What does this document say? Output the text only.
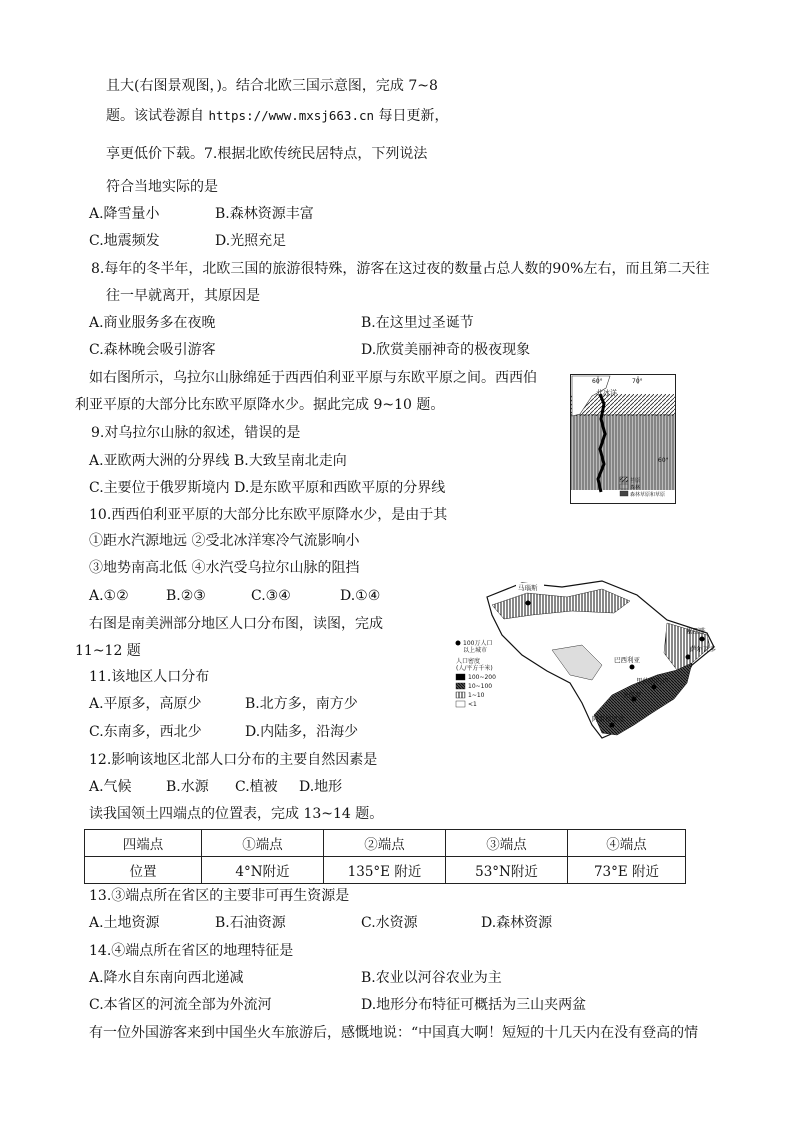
且大(右图景观图，)。结合北欧三国示意图，完成 7~8
题。该试卷源自 https://www.mxsj663.cn 每日更新，
享更低价下载。7.根据北欧传统民居特点，下列说法
符合当地实际的是
A.降雪量小	B.森林资源丰富
C.地震频发	D.光照充足
8.每年的冬半年，北欧三国的旅游很特殊，游客在这过夜的数量占总人数的90%左右，而且第二天往
往一早就离开，其原因是
A.商业服务多在夜晚	B.在这里过圣诞节
C.森林晚会吸引游客	D.欣赏美丽神奇的极夜现象
如右图所示，乌拉尔山脉绵延于西西伯利亚平原与东欧平原之间。西西伯
利亚平原的大部分比东欧平原降水少。据此完成 9~10 题。
9.对乌拉尔山脉的叙述，错误的是
A.亚欧两大洲的分界线 B.大致呈南北走向
C.主要位于俄罗斯境内 D.是东欧平原和西欧平原的分界线
10.西西伯利亚平原的大部分比东欧平原降水少，是由于其
①距水汽源地远 ②受北冰洋寒冷气流影响小
③地势南高北低 ④水汽受乌拉尔山脉的阻挡
A.①②	B.②③	C.③④	D.①④
右图是南美洲部分地区人口分布图，读图，完成
11~12 题
11.该地区人口分布
A.平原多，高原少	B.北方多，南方少
C.东南多，西北少	D.内陆多，沿海少
12.影响该地区北部人口分布的主要自然因素是
A.气候 B.水源 C.植被 D.地形
读我国领土四端点的位置表，完成 13~14 题。
四端点	①端点	②端点	③端点	④端点
位置	4°N附近	135°E 附近	53°N附近	73°E 附近
13.③端点所在省区的主要非可再生资源是
A.土地资源	B.石油资源	C.水资源	D.森林资源
14.④端点所在省区的地理特征是
A.降水自东南向西北递减	B.农业以河谷农业为主
C.本省区的河流全部为外流河	D.地形分布特征可概括为三山夹两盆
有一位外国游客来到中国坐火车旅游后，感慨地说：“中国真大啊！短短的十几天内在没有登高的情
60°	70°
北冰洋
60°
苔原
森林
森林草原和草原
马瑙斯
累西腓
萨尔瓦多
巴西利亚
里约热内卢
圣保罗
阿雷格里港
100万人口
以上城市
人口密度
(人/平方千米)
100~200
10~100
1~10
<1
